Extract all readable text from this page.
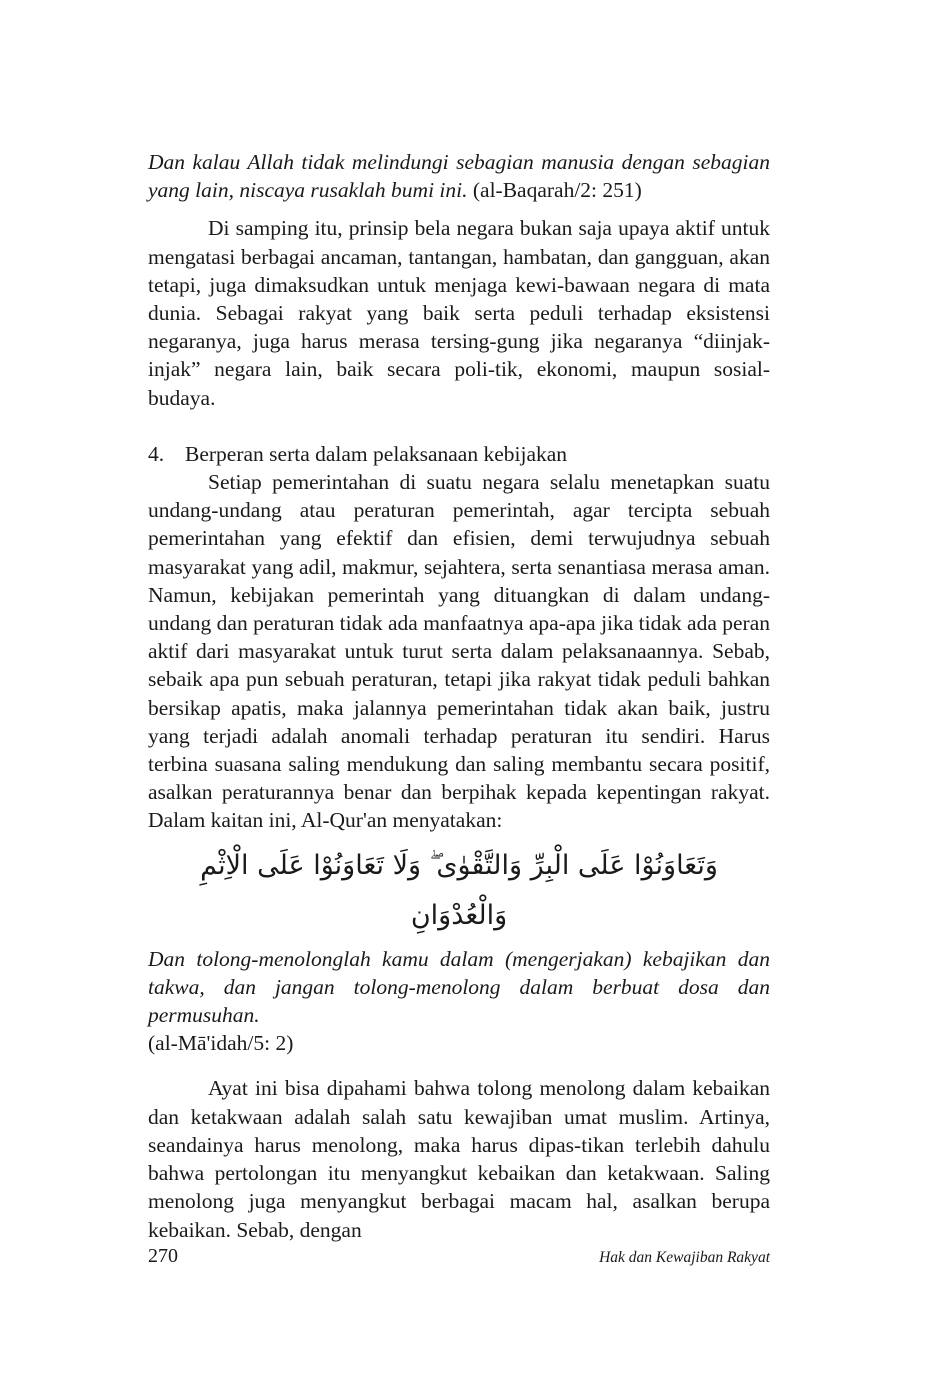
Dan kalau Allah tidak melindungi sebagian manusia dengan sebagian yang lain, niscaya rusaklah bumi ini. (al-Baqarah/2: 251)

Di samping itu, prinsip bela negara bukan saja upaya aktif untuk mengatasi berbagai ancaman, tantangan, hambatan, dan gangguan, akan tetapi, juga dimaksudkan untuk menjaga kewi-bawaan negara di mata dunia. Sebagai rakyat yang baik serta peduli terhadap eksistensi negaranya, juga harus merasa tersing-gung jika negaranya “diinjak-injak” negara lain, baik secara poli-tik, ekonomi, maupun sosial-budaya.

4. Berperan serta dalam pelaksanaan kebijakan

Setiap pemerintahan di suatu negara selalu menetapkan suatu undang-undang atau peraturan pemerintah, agar tercipta sebuah pemerintahan yang efektif dan efisien, demi terwujudnya sebuah masyarakat yang adil, makmur, sejahtera, serta senantiasa merasa aman. Namun, kebijakan pemerintah yang dituangkan di dalam undang-undang dan peraturan tidak ada manfaatnya apa-apa jika tidak ada peran aktif dari masyarakat untuk turut serta dalam pelaksanaannya. Sebab, sebaik apa pun sebuah peraturan, tetapi jika rakyat tidak peduli bahkan bersikap apatis, maka jalannya pemerintahan tidak akan baik, justru yang terjadi adalah anomali terhadap peraturan itu sendiri. Harus terbina suasana saling mendukung dan saling membantu secara positif, asalkan peraturannya benar dan berpihak kepada kepentingan rakyat. Dalam kaitan ini, Al-Qur'an menyatakan:

وَتَعَاوَنُوْا عَلَى الْبِرِّ وَالتَّقْوٰى ۖ وَلَا تَعَاوَنُوْا عَلَى الْاِثْمِ وَالْعُدْوَانِ

Dan tolong-menolonglah kamu dalam (mengerjakan) kebajikan dan takwa, dan jangan tolong-menolong dalam berbuat dosa dan permusuhan.

(al-Mā'idah/5: 2)

Ayat ini bisa dipahami bahwa tolong menolong dalam kebaikan dan ketakwaan adalah salah satu kewajiban umat muslim. Artinya, seandainya harus menolong, maka harus dipas-tikan terlebih dahulu bahwa pertolongan itu menyangkut kebaikan dan ketakwaan. Saling menolong juga menyangkut berbagai macam hal, asalkan berupa kebaikan. Sebab, dengan

270	Hak dan Kewajiban Rakyat
